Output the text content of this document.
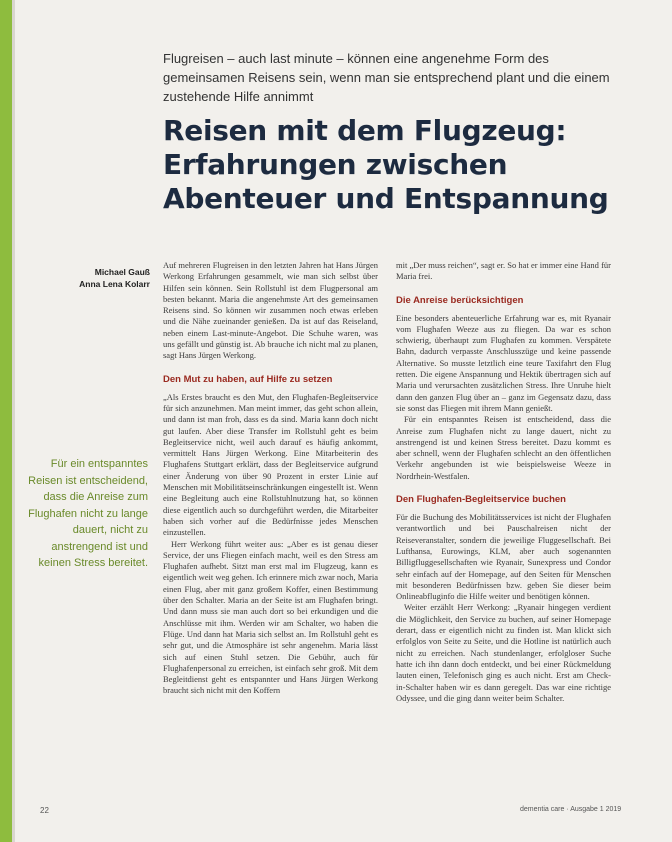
Flugreisen – auch last minute – können eine angenehme Form des gemeinsamen Reisens sein, wenn man sie entsprechend plant und die einem zustehende Hilfe annimmt
Reisen mit dem Flugzeug:
Erfahrungen zwischen
Abenteuer und Entspannung
Michael Gauß
Anna Lena Kolarr
Für ein entspanntes Reisen ist entscheidend, dass die Anreise zum Flughafen nicht zu lange dauert, nicht zu anstrengend ist und keinen Stress bereitet.

Auf mehreren Flugreisen in den letzten Jahren hat Hans Jürgen Werkong Erfahrungen gesammelt, wie man sich selbst über Hilfen sein können. Sein Rollstuhl ist dem Flugpersonal am besten bekannt. Maria die angenehmste Art des gemeinsamen Reisens sind. So können wir zusammen noch etwas erleben und die Nähe zueinander genießen. Da ist auf das Reiseland, neben einem Last-minute-Angebot. Die Schuhe waren, was uns gefällt und günstig ist. Ab brauche ich nicht mal zu planen, sagt Hans Jürgen Werkong.

Den Mut zu haben, auf Hilfe zu setzen

„Als Erstes braucht es den Mut, den Flughafen-Begleitservice für sich anzunehmen. Man meint immer, das geht schon allein, und dann ist man froh, dass es da sind. Maria kann doch nicht gut laufen. Aber diese Transfer im Rollstuhl geht es beim Begleitservice nicht, weil auch darauf es häufig ankommt, vermittelt Hans Jürgen Werkong. Eine Mitarbeiterin des Flughafens Stuttgart erklärt, dass der Begleitservice aufgrund einer Änderung von über 90 Prozent in erster Linie auf Menschen mit Mobilitätseinschränkungen eingestellt ist. Wenn eine Begleitung auch eine Rollstuhlnutzung hat, so können diese eigentlich auch so durchgeführt werden, die Mitarbeiter haben sich vorher auf die Bedürfnisse jedes Menschen einzustellen.

Herr Werkong führt weiter aus: „Aber es ist genau dieser Service, der uns Fliegen einfach macht, weil es den Stress am Flughafen aufhebt. Sitzt man erst mal im Flugzeug, kann es eigentlich weit weg gehen. Ich erinnere mich zwar noch, Maria einen Flug, aber mit ganz großem Koffer, einen Bestimmung über den Schalter. Maria an der Seite ist am Flughafen bringt. Und dann muss sie man auch dort so bei erkundigen und die Anschlüsse mit ihm. Werden wir am Schalter, wo haben die Flüge. Und dann hat Maria sich selbst an. Im Rollstuhl geht es sehr gut, und die Atmosphäre ist sehr angenehm. Maria lässt sich auf einen Stuhl setzen. Die Gebühr, auch für Flughafenpersonal zu erreichen, ist einfach sehr groß. Mit dem Begleitdienst geht es entspannter und Hans Jürgen Werkong braucht sich nicht mit den Koffern

mit „Der muss reichen“, sagt er. So hat er immer eine Hand für Maria frei.

Die Anreise berücksichtigen

Eine besonders abenteuerliche Erfahrung war es, mit Ryanair vom Flughafen Weeze aus zu fliegen. Da war es schon schwierig, überhaupt zum Flughafen zu kommen. Verspätete Bahn, dadurch verpasste Anschlusszüge und keine passende Alternative. So musste letztlich eine teure Taxifahrt den Flug retten. Die eigene Anspannung und Hektik übertragen sich auf Maria und verursachten zusätzlichen Stress. Ihre Unruhe hielt dann den ganzen Flug über an – ganz im Gegensatz dazu, dass sie sonst das Fliegen mit ihrem Mann genießt.

Für ein entspanntes Reisen ist entscheidend, dass die Anreise zum Flughafen nicht zu lange dauert, nicht zu anstrengend ist und keinen Stress bereitet. Dazu kommt es aber schnell, wenn der Flughafen schlecht an den öffentlichen Verkehr angebunden ist wie beispielsweise Weeze in Nordrhein-Westfalen.

Den Flughafen-Begleitservice buchen

Für die Buchung des Mobilitätsservices ist nicht der Flughafen verantwortlich und bei Pauschalreisen nicht der Reiseveranstalter, sondern die jeweilige Fluggesellschaft. Bei Lufthansa, Eurowings, KLM, aber auch sogenannten Billigfluggesellschaften wie Ryanair, Sunexpress und Condor sehr einfach auf der Homepage, auf den Seiten für Menschen mit besonderen Bedürfnissen bzw. geben Sie dieser beim Onlineabfluginfo die Hilfe weiter und benötigen können.

Weiter erzählt Herr Werkong: „Ryanair hingegen verdient die Möglichkeit, den Service zu buchen, auf seiner Homepage derart, dass er eigentlich nicht zu finden ist. Man klickt sich erfolglos von Seite zu Seite, und die Hotline ist natürlich auch nicht zu erreichen. Nach stundenlanger, erfolgloser Suche hatte ich ihn dann doch entdeckt, und bei einer Rückmeldung lauten einen, Telefonisch ging es auch nicht. Erst am Check-in-Schalter haben wir es dann geregelt. Das war eine richtige Odyssee, und die ging dann weiter beim Schalter.

22	dementia care · Ausgabe 1 2019
